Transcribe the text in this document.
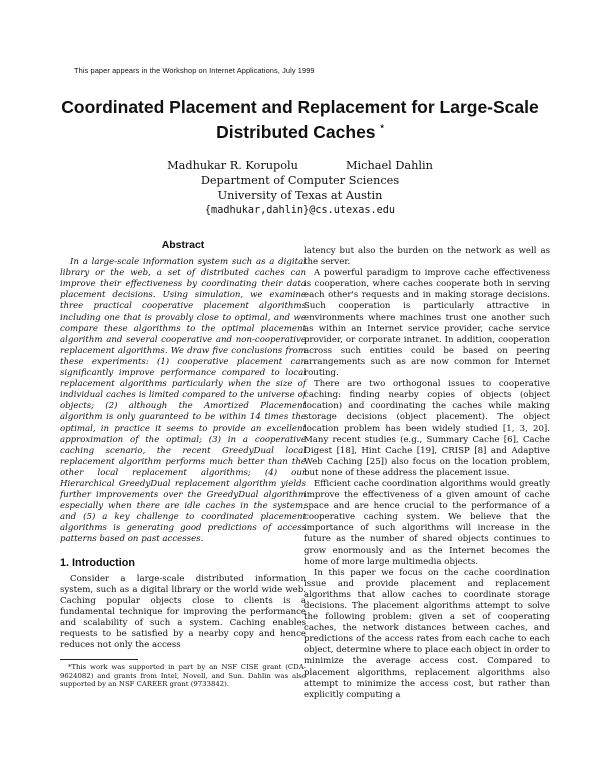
This paper appears in the Workshop on Internet Applications, July 1999
Coordinated Placement and Replacement for Large-Scale
Distributed Caches *
Madhukar R. Korupolu	Michael Dahlin
Department of Computer Sciences
University of Texas at Austin
{madhukar,dahlin}@cs.utexas.edu
Abstract

In a large-scale information system such as a digital library or the web, a set of distributed caches can improve their effectiveness by coordinating their data placement decisions. Using simulation, we examine three practical cooperative placement algorithms including one that is provably close to optimal, and we compare these algorithms to the optimal placement algorithm and several cooperative and non-cooperative replacement algorithms. We draw five conclusions from these experiments: (1) cooperative placement can significantly improve performance compared to local replacement algorithms particularly when the size of individual caches is limited compared to the universe of objects; (2) although the Amortized Placement algorithm is only guaranteed to be within 14 times the optimal, in practice it seems to provide an excellent approximation of the optimal; (3) in a cooperative caching scenario, the recent GreedyDual local replacement algorithm performs much better than the other local replacement algorithms; (4) our Hierarchical GreedyDual replacement algorithm yields further improvements over the GreedyDual algorithm especially when there are idle caches in the system; and (5) a key challenge to coordinated placement algorithms is generating good predictions of access patterns based on past accesses.

1. Introduction

Consider a large-scale distributed information system, such as a digital library or the world wide web. Caching popular objects close to clients is a fundamental technique for improving the performance and scalability of such a system. Caching enables requests to be satisfied by a nearby copy and hence reduces not only the access

*This work was supported in part by an NSF CISE grant (CDA-9624082) and grants from Intel, Novell, and Sun. Dahlin was also supported by an NSF CAREER grant (9733842).

latency but also the burden on the network as well as the server.

A powerful paradigm to improve cache effectiveness is cooperation, where caches cooperate both in serving each other's requests and in making storage decisions. Such cooperation is particularly attractive in environments where machines trust one another such as within an Internet service provider, cache service provider, or corporate intranet. In addition, cooperation across such entities could be based on peering arrangements such as are now common for Internet routing.

There are two orthogonal issues to cooperative caching: finding nearby copies of objects (object location) and coordinating the caches while making storage decisions (object placement). The object location problem has been widely studied [1, 3, 20]. Many recent studies (e.g., Summary Cache [6], Cache Digest [18], Hint Cache [19], CRISP [8] and Adaptive Web Caching [25]) also focus on the location problem, but none of these address the placement issue.

Efficient cache coordination algorithms would greatly improve the effectiveness of a given amount of cache space and are hence crucial to the performance of a cooperative caching system. We believe that the importance of such algorithms will increase in the future as the number of shared objects continues to grow enormously and as the Internet becomes the home of more large multimedia objects.

In this paper we focus on the cache coordination issue and provide placement and replacement algorithms that allow caches to coordinate storage decisions. The placement algorithms attempt to solve the following problem: given a set of cooperating caches, the network distances between caches, and predictions of the access rates from each cache to each object, determine where to place each object in order to minimize the average access cost. Compared to placement algorithms, replacement algorithms also attempt to minimize the access cost, but rather than explicitly computing a
